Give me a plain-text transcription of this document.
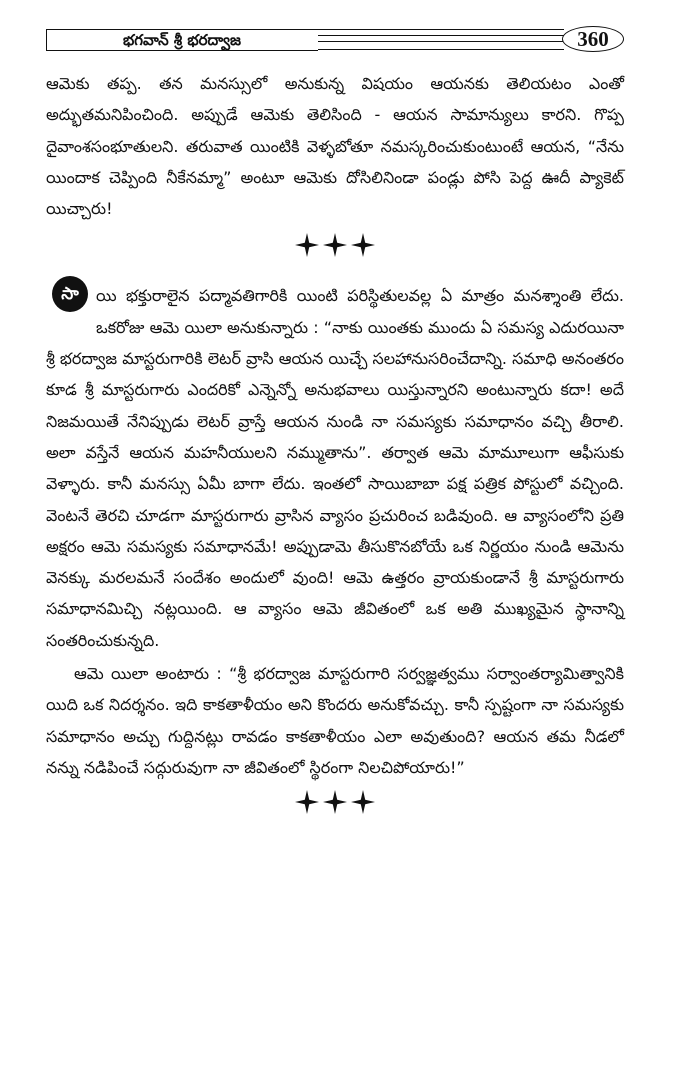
భగవాన్ శ్రీ భరద్వాజ	360

ఆమెకు తప్ప. తన మనస్సులో అనుకున్న విషయం ఆయనకు తెలియటం ఎంతో అద్భుతమనిపించింది. అప్పుడే ఆమెకు తెలిసింది - ఆయన సామాన్యులు కారని. గొప్ప దైవాంశసంభూతులని. తరువాత యింటికి వెళ్ళబోతూ నమస్కరించుకుంటుంటే ఆయన, “నేను యిందాక చెప్పింది నీకేనమ్మా” అంటూ ఆమెకు దోసిలినిండా పండ్లు పోసి పెద్ద ఊదీ ప్యాకెట్ యిచ్చారు!

సా	యి భక్తురాలైన పద్మావతిగారికి యింటి పరిస్థితులవల్ల ఏ మాత్రం మనశ్శాంతి లేదు. ఒకరోజు ఆమె యిలా అనుకున్నారు : “నాకు యింతకు ముందు ఏ సమస్య ఎదురయినా శ్రీ భరద్వాజ మాస్టరుగారికి లెటర్ వ్రాసి ఆయన యిచ్చే సలహానుసరించేదాన్ని. సమాధి అనంతరం కూడ శ్రీ మాస్టరుగారు ఎందరికో ఎన్నెన్నో అనుభవాలు యిస్తున్నారని అంటున్నారు కదా! అదే నిజమయితే నేనిప్పుడు లెటర్ వ్రాస్తే ఆయన నుండి నా సమస్యకు సమాధానం వచ్చి తీరాలి. అలా వస్తేనే ఆయన మహనీయులని నమ్ముతాను”. తర్వాత ఆమె మామూలుగా ఆఫీసుకు వెళ్ళారు. కానీ మనస్సు ఏమీ బాగా లేదు. ఇంతలో సాయిబాబా పక్ష పత్రిక పోస్టులో వచ్చింది. వెంటనే తెరచి చూడగా మాస్టరుగారు వ్రాసిన వ్యాసం ప్రచురించ బడివుంది. ఆ వ్యాసంలోని ప్రతి అక్షరం ఆమె సమస్యకు సమాధానమే! అప్పుడామె తీసుకొనబోయే ఒక నిర్ణయం నుండి ఆమెను వెనక్కు మరలమనే సందేశం అందులో వుంది! ఆమె ఉత్తరం వ్రాయకుండానే శ్రీ మాస్టరుగారు సమాధానమిచ్చి నట్లయింది. ఆ వ్యాసం ఆమె జీవితంలో ఒక అతి ముఖ్యమైన స్థానాన్ని సంతరించుకున్నది.

ఆమె యిలా అంటారు : “శ్రీ భరద్వాజ మాస్టరుగారి సర్వజ్ఞత్వము సర్వాంతర్యామిత్వానికి యిది ఒక నిదర్శనం. ఇది కాకతాళీయం అని కొందరు అనుకోవచ్చు. కానీ స్పష్టంగా నా సమస్యకు సమాధానం అచ్చు గుద్దినట్లు రావడం కాకతాళీయం ఎలా అవుతుంది? ఆయన తమ నీడలో నన్ను నడిపించే సద్గురువుగా నా జీవితంలో స్థిరంగా నిలచిపోయారు!”
